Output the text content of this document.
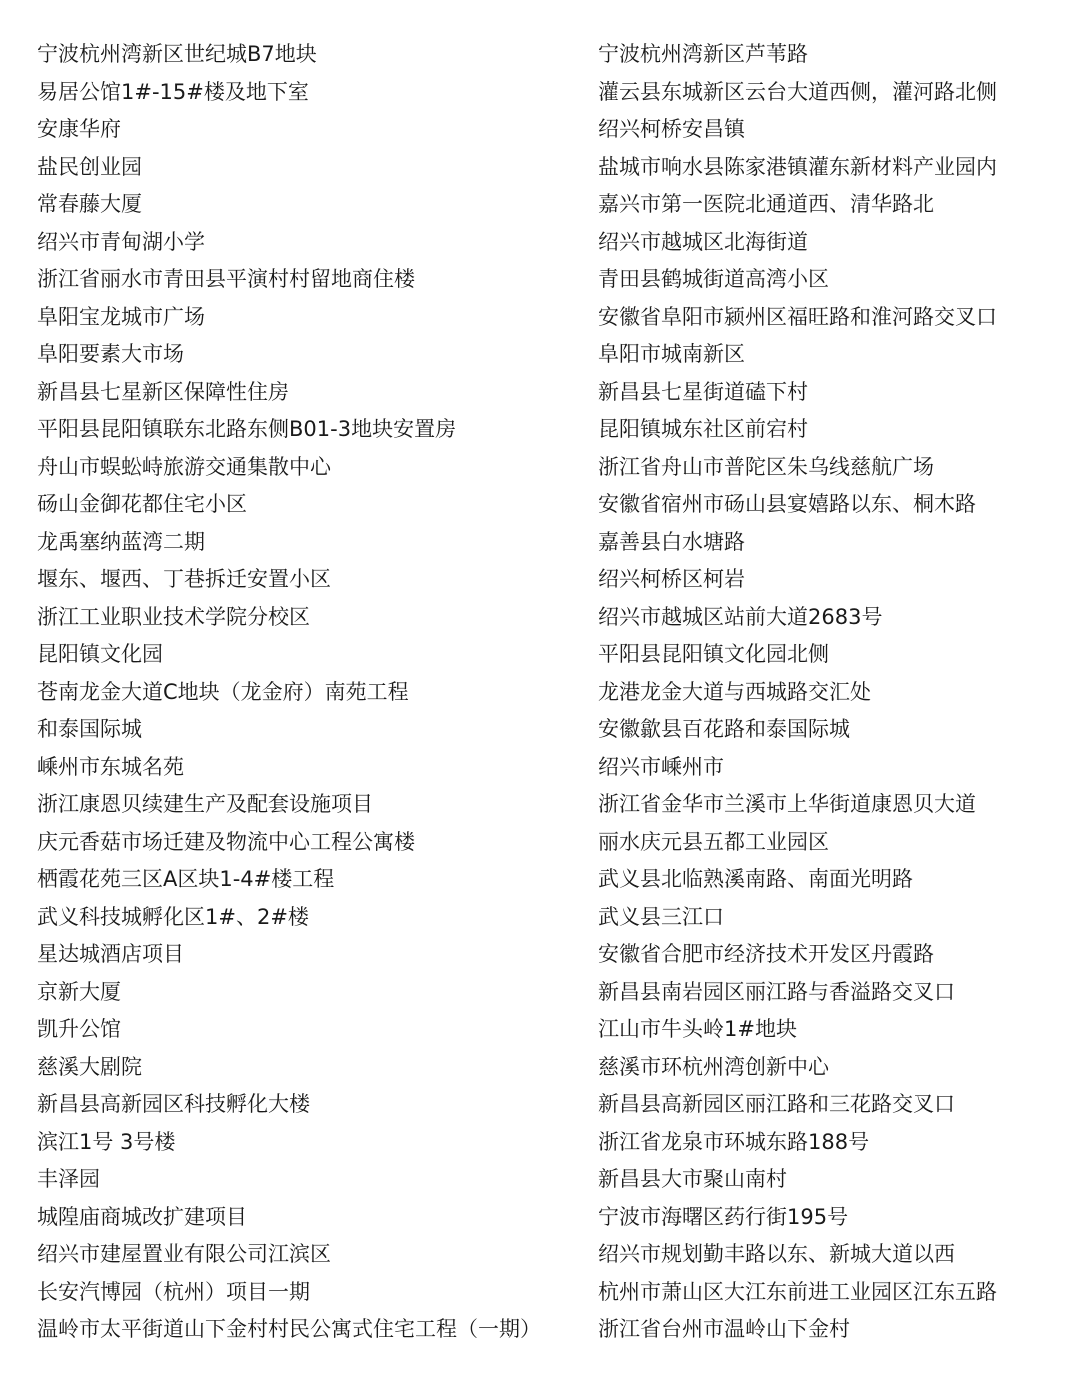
宁波杭州湾新区世纪城B7地块	宁波杭州湾新区芦苇路
易居公馆1#-15#楼及地下室	灌云县东城新区云台大道西侧，灌河路北侧
安康华府	绍兴柯桥安昌镇
盐民创业园	盐城市响水县陈家港镇灌东新材料产业园内
常春藤大厦	嘉兴市第一医院北通道西、清华路北
绍兴市青甸湖小学	绍兴市越城区北海街道
浙江省丽水市青田县平演村村留地商住楼	青田县鹤城街道高湾小区
阜阳宝龙城市广场	安徽省阜阳市颍州区福旺路和淮河路交叉口
阜阳要素大市场	阜阳市城南新区
新昌县七星新区保障性住房	新昌县七星街道磕下村
平阳县昆阳镇联东北路东侧B01-3地块安置房	昆阳镇城东社区前宕村
舟山市蜈蚣峙旅游交通集散中心	浙江省舟山市普陀区朱乌线慈航广场
砀山金御花都住宅小区	安徽省宿州市砀山县宴嬉路以东、桐木路
龙禹塞纳蓝湾二期	嘉善县白水塘路
堰东、堰西、丁巷拆迁安置小区	绍兴柯桥区柯岩
浙江工业职业技术学院分校区	绍兴市越城区站前大道2683号
昆阳镇文化园	平阳县昆阳镇文化园北侧
苍南龙金大道C地块（龙金府）南苑工程	龙港龙金大道与西城路交汇处
和泰国际城	安徽歙县百花路和泰国际城
嵊州市东城名苑	绍兴市嵊州市
浙江康恩贝续建生产及配套设施项目	浙江省金华市兰溪市上华街道康恩贝大道
庆元香菇市场迁建及物流中心工程公寓楼	丽水庆元县五都工业园区
栖霞花苑三区A区块1-4#楼工程	武义县北临熟溪南路、南面光明路
武义科技城孵化区1#、2#楼	武义县三江口
星达城酒店项目	安徽省合肥市经济技术开发区丹霞路
京新大厦	新昌县南岩园区丽江路与香溢路交叉口
凯升公馆	江山市牛头岭1#地块
慈溪大剧院	慈溪市环杭州湾创新中心
新昌县高新园区科技孵化大楼	新昌县高新园区丽江路和三花路交叉口
滨江1号 3号楼	浙江省龙泉市环城东路188号
丰泽园	新昌县大市聚山南村
城隍庙商城改扩建项目	宁波市海曙区药行街195号
绍兴市建屋置业有限公司江滨区	绍兴市规划勤丰路以东、新城大道以西
长安汽博园（杭州）项目一期	杭州市萧山区大江东前进工业园区江东五路
温岭市太平街道山下金村村民公寓式住宅工程（一期）	浙江省台州市温岭山下金村
